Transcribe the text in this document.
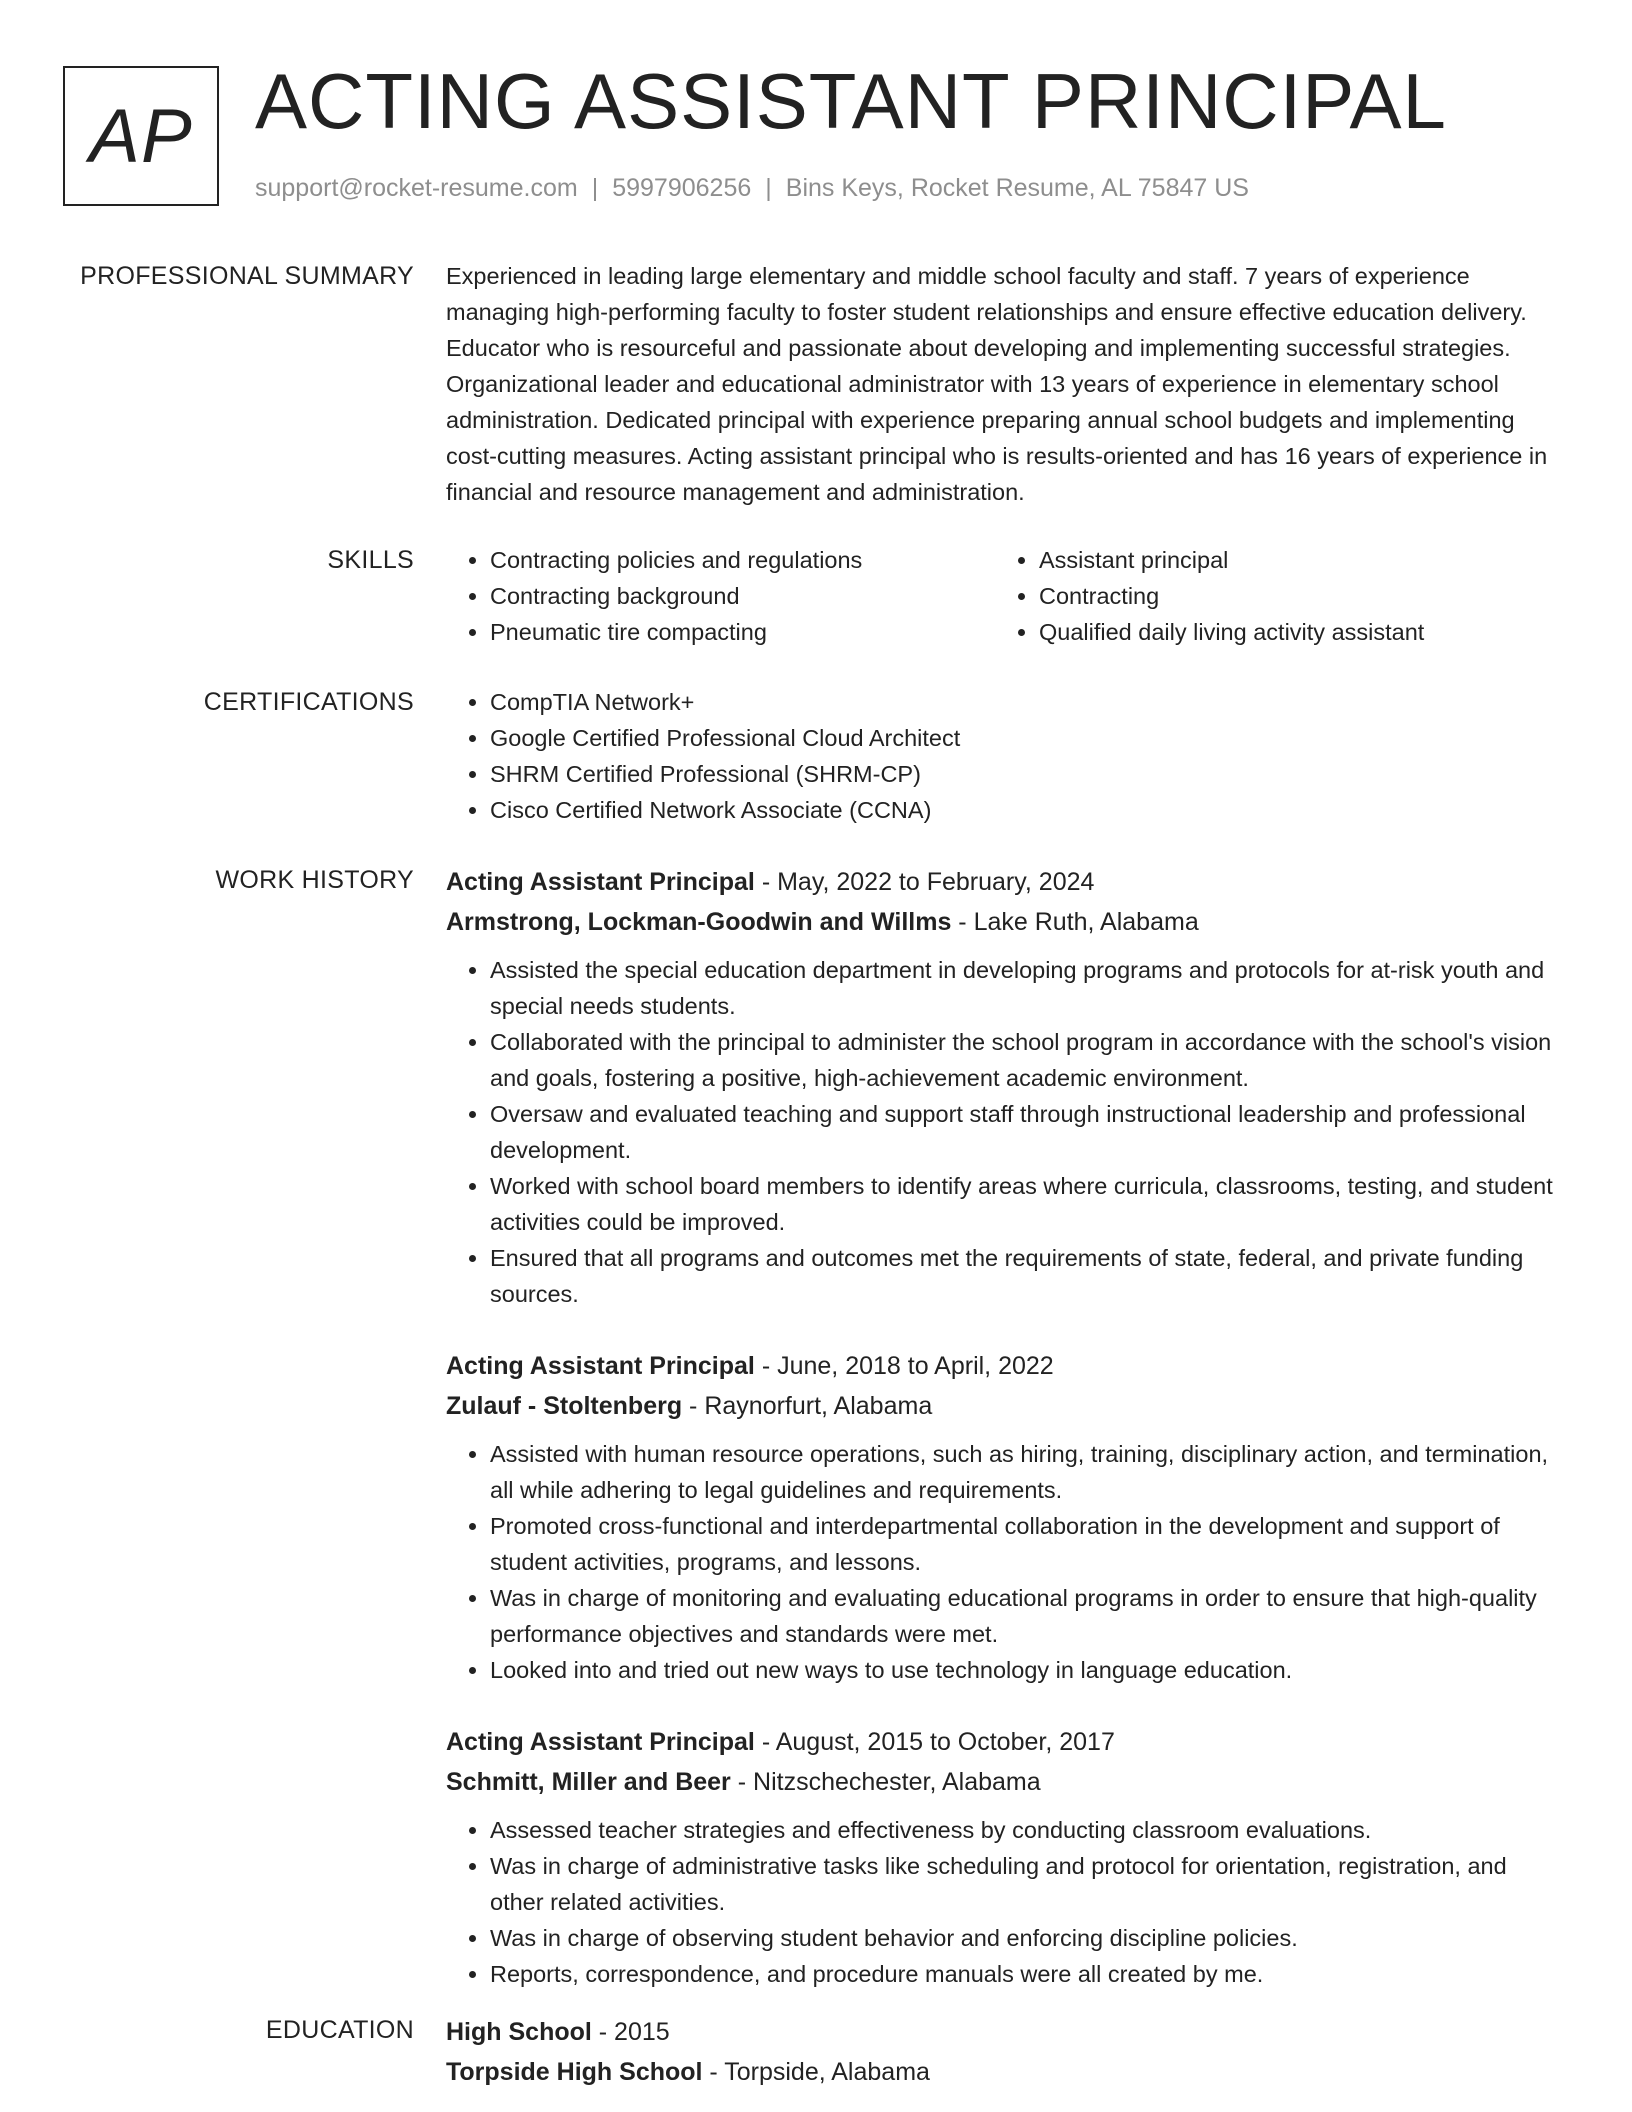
AP ACTING ASSISTANT PRINCIPAL
support@rocket-resume.com | 5997906256 | Bins Keys, Rocket Resume, AL 75847 US
PROFESSIONAL SUMMARY Experienced in leading large elementary and middle school faculty and staff. 7 years of experience managing high-performing faculty to foster student relationships and ensure effective education delivery. Educator who is resourceful and passionate about developing and implementing successful strategies. Organizational leader and educational administrator with 13 years of experience in elementary school administration. Dedicated principal with experience preparing annual school budgets and implementing cost-cutting measures. Acting assistant principal who is results-oriented and has 16 years of experience in financial and resource management and administration.

SKILLS	• Contracting policies and regulations
• Contracting background
• Pneumatic tire compacting
• Assistant principal
• Contracting
• Qualified daily living activity assistant
CERTIFICATIONS	• CompTIA Network+
• Google Certified Professional Cloud Architect
• SHRM Certified Professional (SHRM-CP)
• Cisco Certified Network Associate (CCNA)
WORK HISTORY Acting Assistant Principal - May, 2022 to February, 2024
Armstrong, Lockman-Goodwin and Willms - Lake Ruth, Alabama
• Assisted the special education department in developing programs and protocols for at-risk youth and special needs students.
• Collaborated with the principal to administer the school program in accordance with the school's vision and goals, fostering a positive, high-achievement academic environment.
• Oversaw and evaluated teaching and support staff through instructional leadership and professional development.
• Worked with school board members to identify areas where curricula, classrooms, testing, and student activities could be improved.
• Ensured that all programs and outcomes met the requirements of state, federal, and private funding sources.
Acting Assistant Principal - June, 2018 to April, 2022
Zulauf - Stoltenberg - Raynorfurt, Alabama
• Assisted with human resource operations, such as hiring, training, disciplinary action, and termination, all while adhering to legal guidelines and requirements.
• Promoted cross-functional and interdepartmental collaboration in the development and support of student activities, programs, and lessons.
• Was in charge of monitoring and evaluating educational programs in order to ensure that high-quality performance objectives and standards were met.
• Looked into and tried out new ways to use technology in language education.
Acting Assistant Principal - August, 2015 to October, 2017
Schmitt, Miller and Beer - Nitzschechester, Alabama
• Assessed teacher strategies and effectiveness by conducting classroom evaluations.
• Was in charge of administrative tasks like scheduling and protocol for orientation, registration, and other related activities.
• Was in charge of observing student behavior and enforcing discipline policies.
• Reports, correspondence, and procedure manuals were all created by me.
EDUCATION High School - 2015
Torpside High School - Torpside, Alabama
